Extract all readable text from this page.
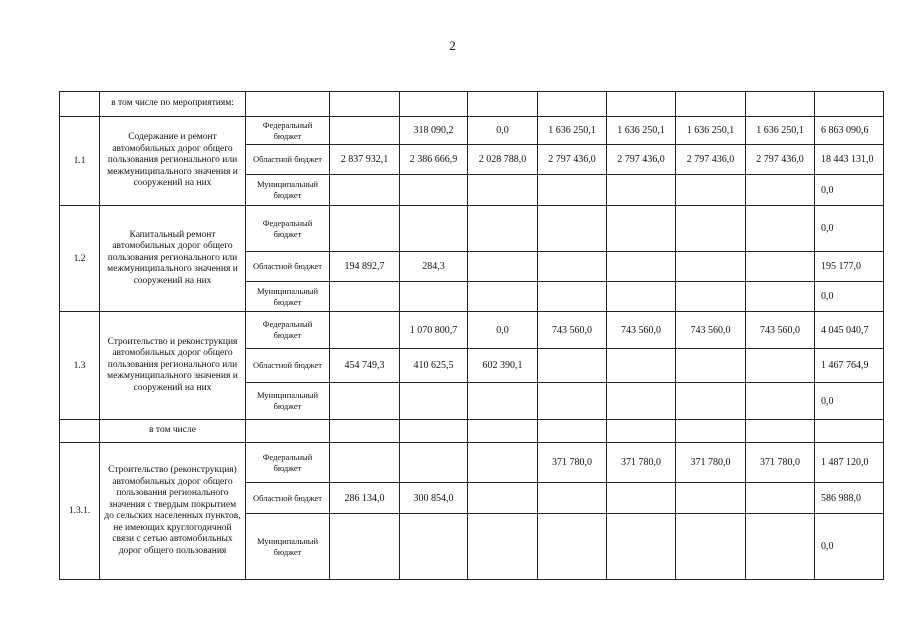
2
	в том числе по мероприятиям:									
1.1	Содержание и ремонт автомобильных дорог общего пользования регионального или межмуниципального значения и сооружений на них	Федеральный бюджет		318 090,2	0,0	1 636 250,1	1 636 250,1	1 636 250,1	1 636 250,1	6 863 090,6
		Областной бюджет	2 837 932,1	2 386 666,9	2 028 788,0	2 797 436,0	2 797 436,0	2 797 436,0	2 797 436,0	18 443 131,0
		Муниципальный бюджет								0,0
1.2	Капитальный ремонт автомобильных дорог общего пользования регионального или межмуниципального значения и сооружений на них	Федеральный бюджет								0,0
		Областной бюджет	194 892,7	284,3						195 177,0
		Муниципальный бюджет								0,0
1.3	Строительство и реконструкция автомобильных дорог общего пользования регионального или межмуниципального значения и сооружений на них	Федеральный бюджет		1 070 800,7	0,0	743 560,0	743 560,0	743 560,0	743 560,0	4 045 040,7
		Областной бюджет	454 749,3	410 625,5	602 390,1					1 467 764,9
		Муниципальный бюджет								0,0
	в том числе									
1.3.1.	Строительство (реконструкция) автомобильных дорог общего пользования регионального значения с твердым покрытием до сельских населенных пунктов, не имеющих круглогодичной связи с сетью автомобильных дорог общего пользования	Федеральный бюджет				371 780,0	371 780,0	371 780,0	371 780,0	1 487 120,0
		Областной бюджет	286 134,0	300 854,0						586 988,0
		Муниципальный бюджет								0,0
